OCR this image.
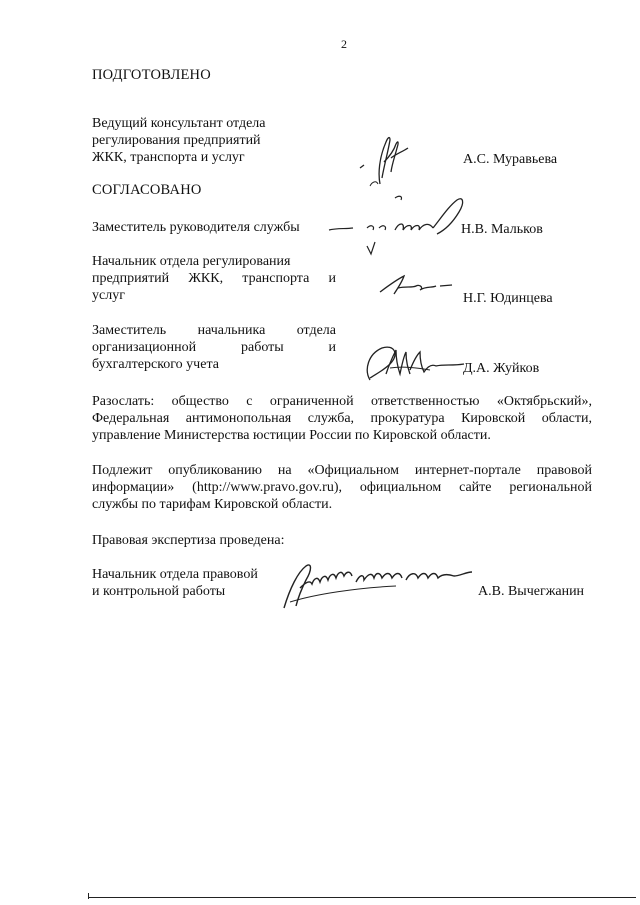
2
ПОДГОТОВЛЕНО
Ведущий консультант отдела
регулирования предприятий
ЖКК, транспорта и услуг	А.С. Муравьева
СОГЛАСОВАНО
Заместитель руководителя службы	Н.В. Мальков
Начальник отдела регулирования
предприятий ЖКК, транспорта и
услуг	Н.Г. Юдинцева
Заместитель начальника отдела
организационной работы и
бухгалтерского учета	Д.А. Жуйков
Разослать: общество с ограниченной ответственностью «Октябрьский»,
Федеральная антимонопольная служба, прокуратура Кировской области,
управление Министерства юстиции России по Кировской области.
Подлежит опубликованию на «Официальном интернет-портале правовой
информации» (http://www.pravo.gov.ru), официальном сайте региональной
службы по тарифам Кировской области.
Правовая экспертиза проведена:
Начальник отдела правовой
и контрольной работы	А.В. Вычегжанин
